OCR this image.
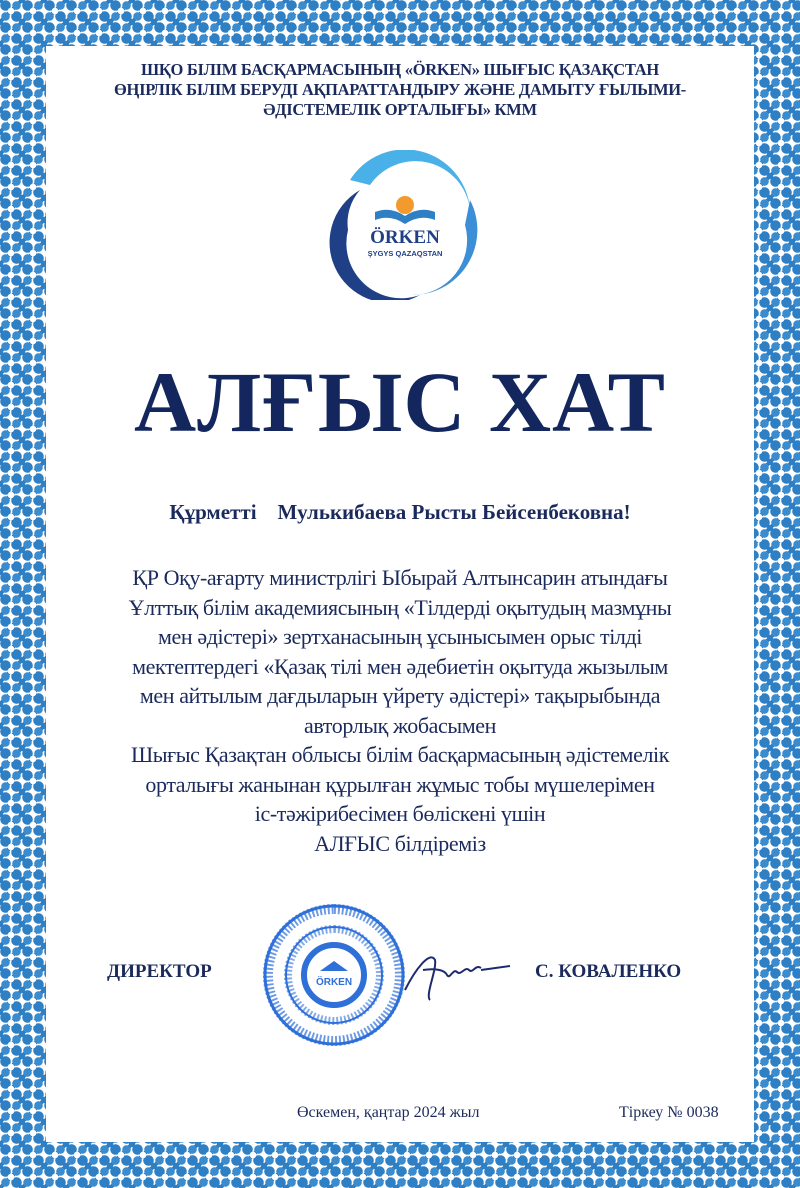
ШҚО БІЛІМ БАСҚАРМАСЫНЫҢ «ÖRKEN» ШЫҒЫС ҚАЗАҚСТАН
ӨҢІРЛІК БІЛІМ БЕРУДІ АҚПАРАТТАНДЫРУ ЖӘНЕ ДАМЫТУ ҒЫЛЫМИ-
ӘДІСТЕМЕЛІК ОРТАЛЫҒЫ» КММ
ÖRKEN
ŞYGYS QAZAQSTAN
АЛҒЫС ХАТ
Құрметті Мулькибаева Рысты Бейсенбековна!
ҚР Оқу-ағарту министрлігі Ыбырай Алтынсарин атындағы
Ұлттық білім академиясының «Тілдерді оқытудың мазмұны
мен әдістері» зертханасының ұсынысымен орыс тілді
мектептердегі «Қазақ тілі мен әдебиетін оқытуда жызылым
мен айтылым дағдыларын үйрету әдістері» тақырыбында
авторлық жобасымен
Шығыс Қазақтан облысы білім басқармасының әдістемелік
орталығы жанынан құрылған жұмыс тобы мүшелерімен
іс-тәжірибесімен бөліскені үшін
АЛҒЫС білдіреміз
ДИРЕКТОР
ÖRKEN
С. КОВАЛЕНКО
Өскемен, қаңтар 2024 жыл	Тіркеу № 0038
